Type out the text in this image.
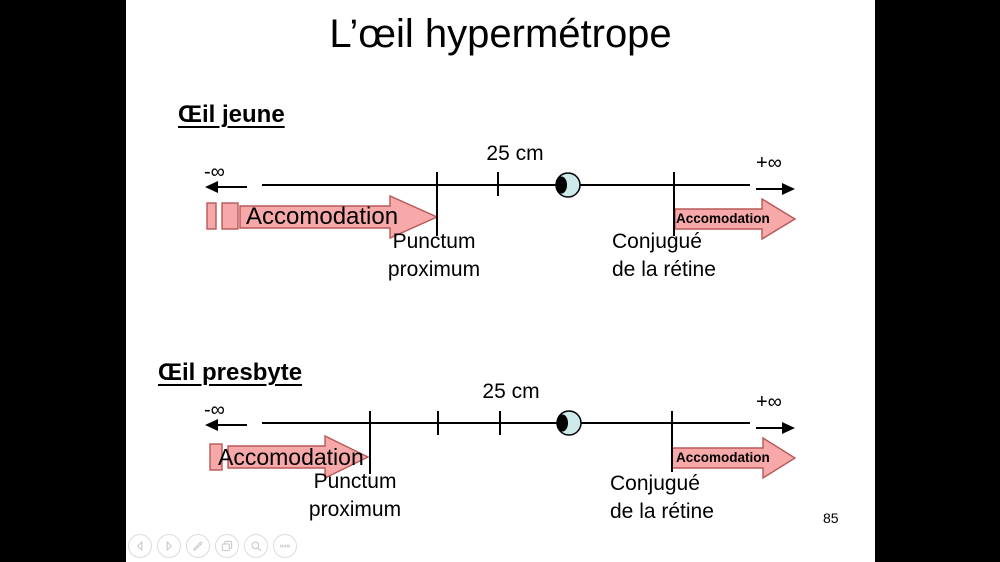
L’œil hypermétrope
Œil jeune
Œil presbyte
-∞	+∞
25 cm
Accomodation	Accomodation
Punctum
proximum
Conjugué
de la rétine
-∞	+∞
25 cm
Accomodation	Accomodation
Punctum
proximum
Conjugué
de la rétine	85
